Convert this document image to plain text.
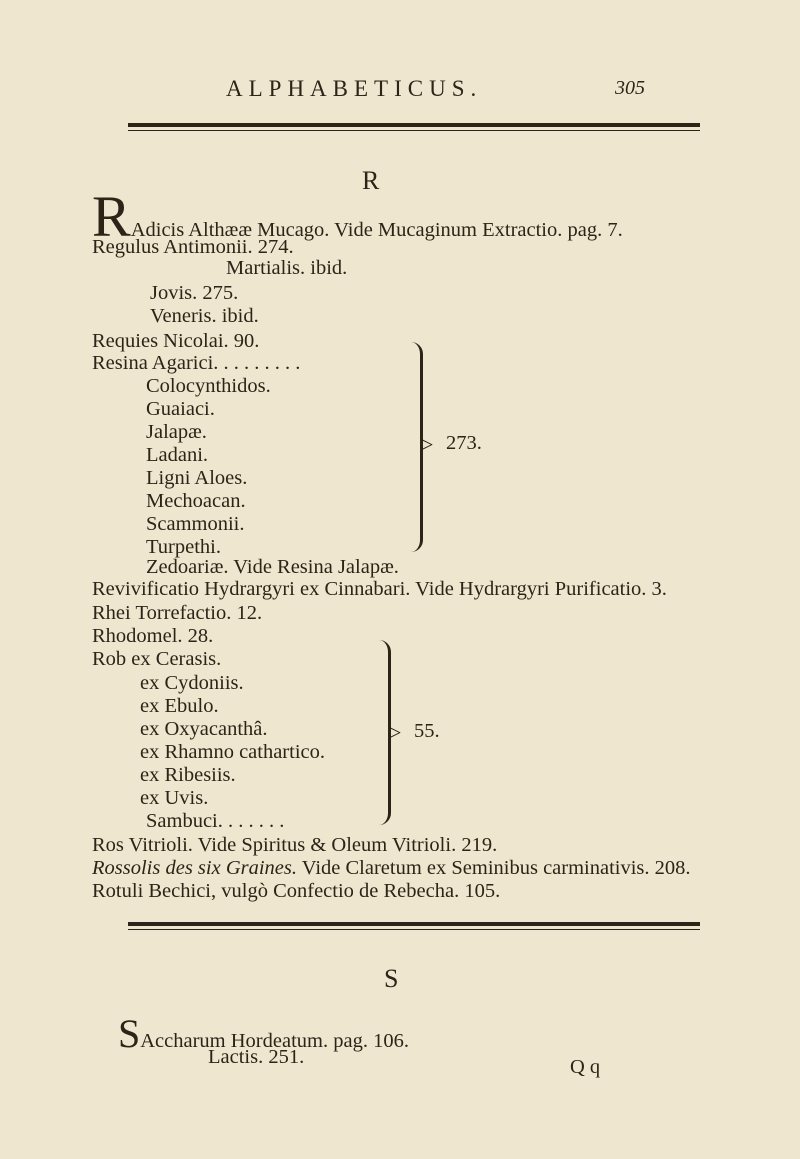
ALPHABETICUS.	305
R
RAdicis Althææ Mucago. Vide Mucaginum Extractio. pag. 7.
Regulus Antimonii. 274.
Martialis. ibid.
Jovis. 275.
Veneris. ibid.
Requies Nicolai. 90.
Resina Agarici. . . . . . . . .
Colocynthidos.
Guaiaci.
Jalapæ.
Ladani.
Ligni Aloes.
Mechoacan.
Scammonii.
Turpethi.
> 273.
Zedoariæ. Vide Resina Jalapæ.
Revivificatio Hydrargyri ex Cinnabari. Vide Hydrargyri Purificatio. 3.
Rhei Torrefactio. 12.
Rhodomel. 28.
Rob ex Cerasis.
ex Cydoniis.
ex Ebulo.
ex Oxyacanthâ.
ex Rhamno cathartico.
ex Ribesiis.
ex Uvis.
Sambuci. . . . . . .
> 55.
Ros Vitrioli. Vide Spiritus & Oleum Vitrioli. 219.
Rossolis des six Graines. Vide Claretum ex Seminibus carminativis. 208.
Rotuli Bechici, vulgò Confectio de Rebecha. 105.
S
SAccharum Hordeatum. pag. 106.
Lactis. 251.	Q q
